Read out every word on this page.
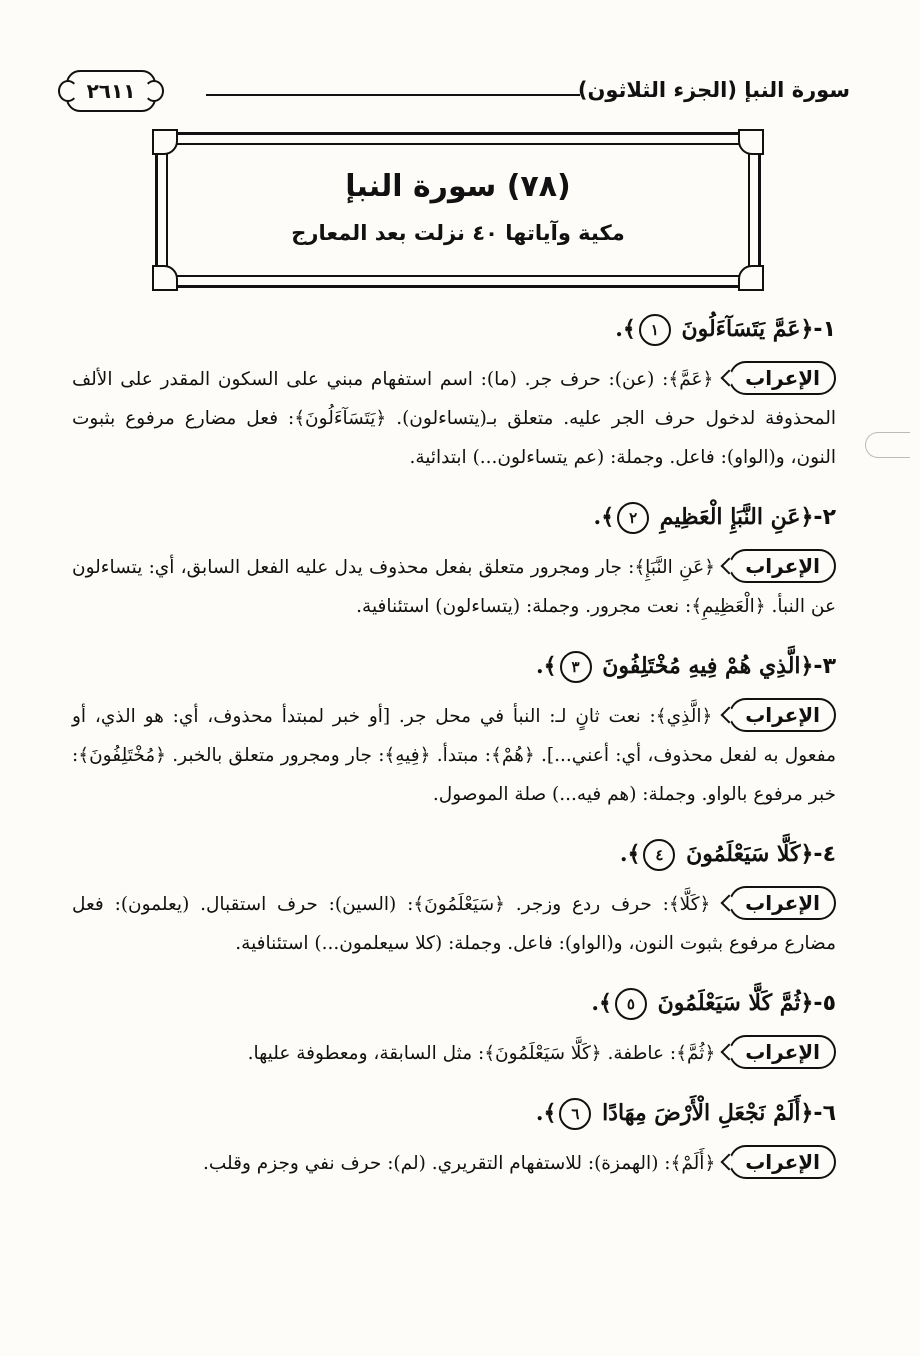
سورة النبإ (الجزء الثلاثون)
٢٦١١
(٧٨) سورة النبإ
مكية وآياتها ٤٠ نزلت بعد المعارج
١-﴿عَمَّ يَتَسَآءَلُونَ ١﴾.
الإعراب ﴿عَمَّ﴾: (عن): حرف جر. (ما): اسم استفهام مبني على السكون المقدر على الألف المحذوفة لدخول حرف الجر عليه. متعلق بـ(يتساءلون). ﴿يَتَسَآءَلُونَ﴾: فعل مضارع مرفوع بثبوت النون، و(الواو): فاعل. وجملة: (عم يتساءلون...) ابتدائية.
٢-﴿عَنِ النَّبَإِ الْعَظِيمِ ٢﴾.
الإعراب ﴿عَنِ النَّبَإِ﴾: جار ومجرور متعلق بفعل محذوف يدل عليه الفعل السابق، أي: يتساءلون عن النبأ. ﴿الْعَظِيمِ﴾: نعت مجرور. وجملة: (يتساءلون) استئنافية.
٣-﴿الَّذِي هُمْ فِيهِ مُخْتَلِفُونَ ٣﴾.
الإعراب ﴿الَّذِي﴾: نعت ثانٍ لـ: النبأ في محل جر. [أو خبر لمبتدأ محذوف، أي: هو الذي، أو مفعول به لفعل محذوف، أي: أعني...]. ﴿هُمْ﴾: مبتدأ. ﴿فِيهِ﴾: جار ومجرور متعلق بالخبر. ﴿مُخْتَلِفُونَ﴾: خبر مرفوع بالواو. وجملة: (هم فيه...) صلة الموصول.
٤-﴿كَلَّا سَيَعْلَمُونَ ٤﴾.
الإعراب ﴿كَلَّا﴾: حرف ردع وزجر. ﴿سَيَعْلَمُونَ﴾: (السين): حرف استقبال. (يعلمون): فعل مضارع مرفوع بثبوت النون، و(الواو): فاعل. وجملة: (كلا سيعلمون...) استئنافية.
٥-﴿ثُمَّ كَلَّا سَيَعْلَمُونَ ٥﴾.
الإعراب ﴿ثُمَّ﴾: عاطفة. ﴿كَلَّا سَيَعْلَمُونَ﴾: مثل السابقة، ومعطوفة عليها.
٦-﴿أَلَمْ نَجْعَلِ الْأَرْضَ مِهَادًا ٦﴾.
الإعراب ﴿أَلَمْ﴾: (الهمزة): للاستفهام التقريري. (لم): حرف نفي وجزم وقلب.
